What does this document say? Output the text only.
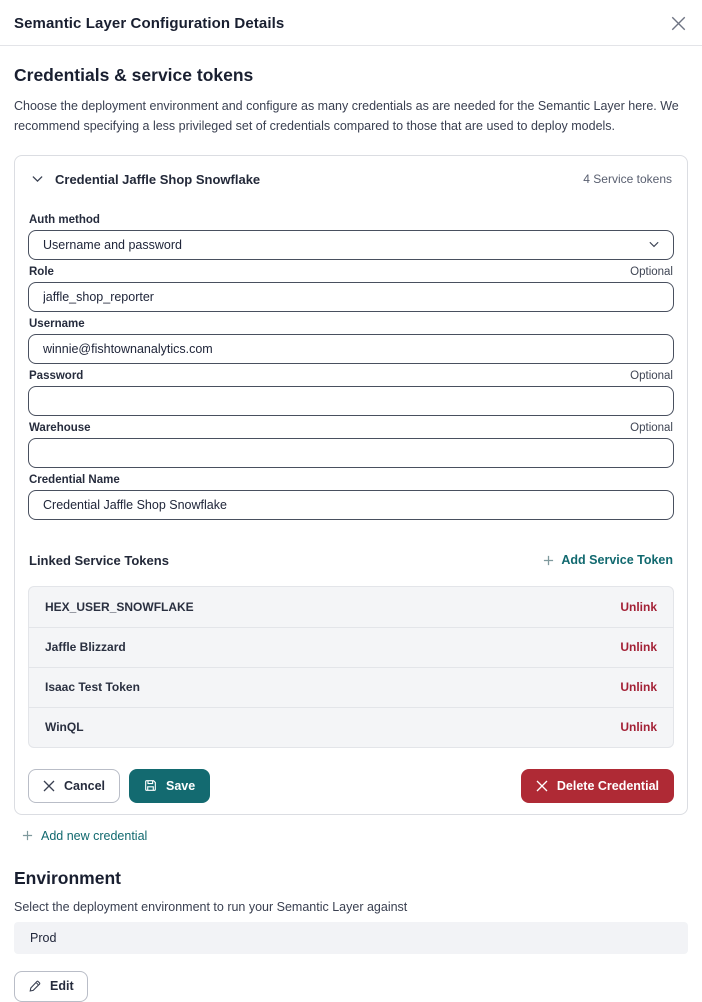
Semantic Layer Configuration Details
Credentials & service tokens

Choose the deployment environment and configure as many credentials as are needed for the Semantic Layer here. We recommend specifying a less privileged set of credentials compared to those that are used to deploy models.

Credential Jaffle Shop Snowflake	4 Service tokens
Auth method
Username and password
Role	Optional
jaffle_shop_reporter
Username
winnie@fishtownanalytics.com
Password	Optional
Warehouse	Optional
Credential Name
Credential Jaffle Shop Snowflake
Linked Service Tokens	Add Service Token
HEX_USER_SNOWFLAKE	Unlink
Jaffle Blizzard	Unlink
Isaac Test Token	Unlink
WinQL	Unlink
Cancel	Save	Delete Credential
Add new credential
Environment

Select the deployment environment to run your Semantic Layer against

Prod
Edit
